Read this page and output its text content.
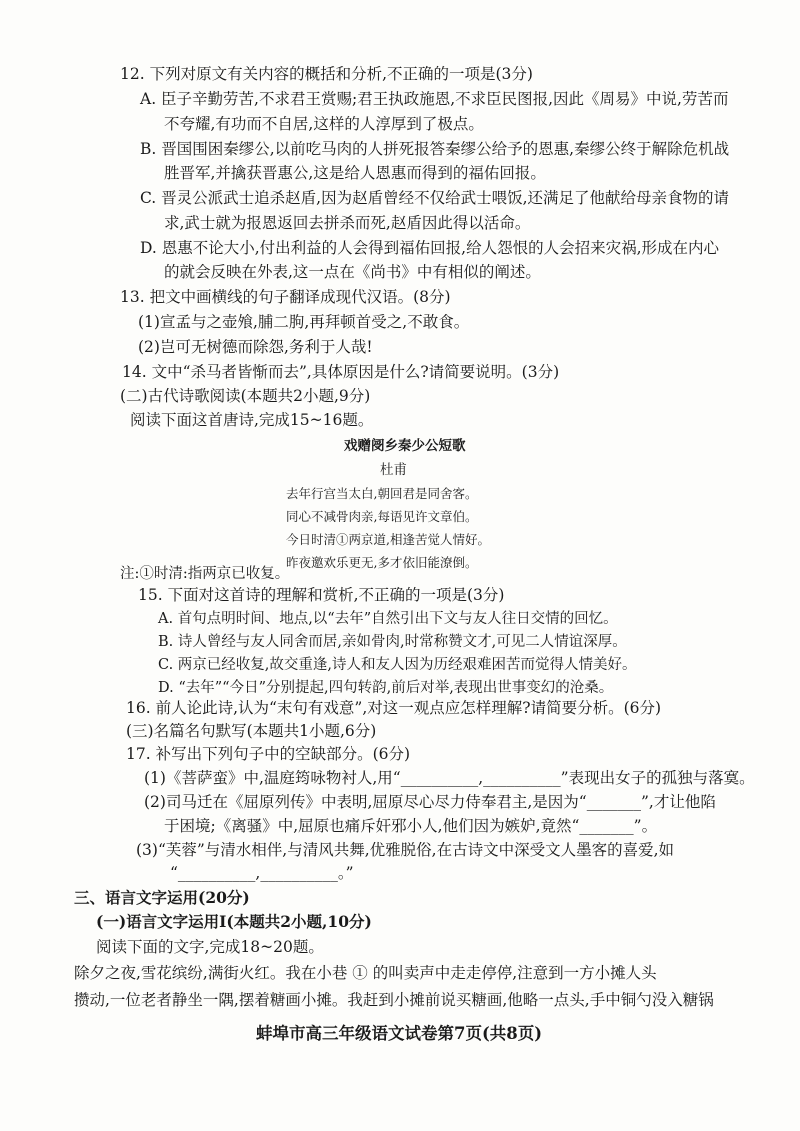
12. 下列对原文有关内容的概括和分析,不正确的一项是(3分)
A. 臣子辛勤劳苦,不求君王赏赐;君王执政施恩,不求臣民图报,因此《周易》中说,劳苦而
不夸耀,有功而不自居,这样的人淳厚到了极点。
B. 晋国围困秦缪公,以前吃马肉的人拼死报答秦缪公给予的恩惠,秦缪公终于解除危机战
胜晋军,并擒获晋惠公,这是给人恩惠而得到的福佑回报。
C. 晋灵公派武士追杀赵盾,因为赵盾曾经不仅给武士喂饭,还满足了他献给母亲食物的请
求,武士就为报恩返回去拼杀而死,赵盾因此得以活命。
D. 恩惠不论大小,付出利益的人会得到福佑回报,给人怨恨的人会招来灾祸,形成在内心
的就会反映在外表,这一点在《尚书》中有相似的阐述。
13. 把文中画横线的句子翻译成现代汉语。(8分)
(1)宣孟与之壶飧,脯二朐,再拜顿首受之,不敢食。
(2)岂可无树德而除怨,务利于人哉!
14. 文中“杀马者皆惭而去”,具体原因是什么?请简要说明。(3分)
(二)古代诗歌阅读(本题共2小题,9分)
阅读下面这首唐诗,完成15~16题。
戏赠阌乡秦少公短歌
杜甫
去年行宫当太白,朝回君是同舍客。
同心不减骨肉亲,每语见许文章伯。
今日时清①两京道,相逢苦觉人情好。
昨夜邀欢乐更无,多才依旧能潦倒。
注:①时清:指两京已收复。
15. 下面对这首诗的理解和赏析,不正确的一项是(3分)
A. 首句点明时间、地点,以“去年”自然引出下文与友人往日交情的回忆。
B. 诗人曾经与友人同舍而居,亲如骨肉,时常称赞文才,可见二人情谊深厚。
C. 两京已经收复,故交重逢,诗人和友人因为历经艰难困苦而觉得人情美好。
D. “去年”“今日”分别提起,四句转韵,前后对举,表现出世事变幻的沧桑。
16. 前人论此诗,认为“末句有戏意”,对这一观点应怎样理解?请简要分析。(6分)
(三)名篇名句默写(本题共1小题,6分)
17. 补写出下列句子中的空缺部分。(6分)
(1)《菩萨蛮》中,温庭筠咏物衬人,用“__________,__________”表现出女子的孤独与落寞。
(2)司马迁在《屈原列传》中表明,屈原尽心尽力侍奉君主,是因为“_______”,才让他陷
于困境;《离骚》中,屈原也痛斥奸邪小人,他们因为嫉妒,竟然“_______”。
(3)“芙蓉”与清水相伴,与清风共舞,优雅脱俗,在古诗文中深受文人墨客的喜爱,如
“__________,__________。”
三、语言文字运用(20分)
(一)语言文字运用Ⅰ(本题共2小题,10分)
阅读下面的文字,完成18~20题。
除夕之夜,雪花缤纷,满街火红。我在小巷 ① 的叫卖声中走走停停,注意到一方小摊人头
攒动,一位老者静坐一隅,摆着糖画小摊。我赶到小摊前说买糖画,他略一点头,手中铜勺没入糖锅
蚌埠市高三年级语文试卷第7页(共8页)
